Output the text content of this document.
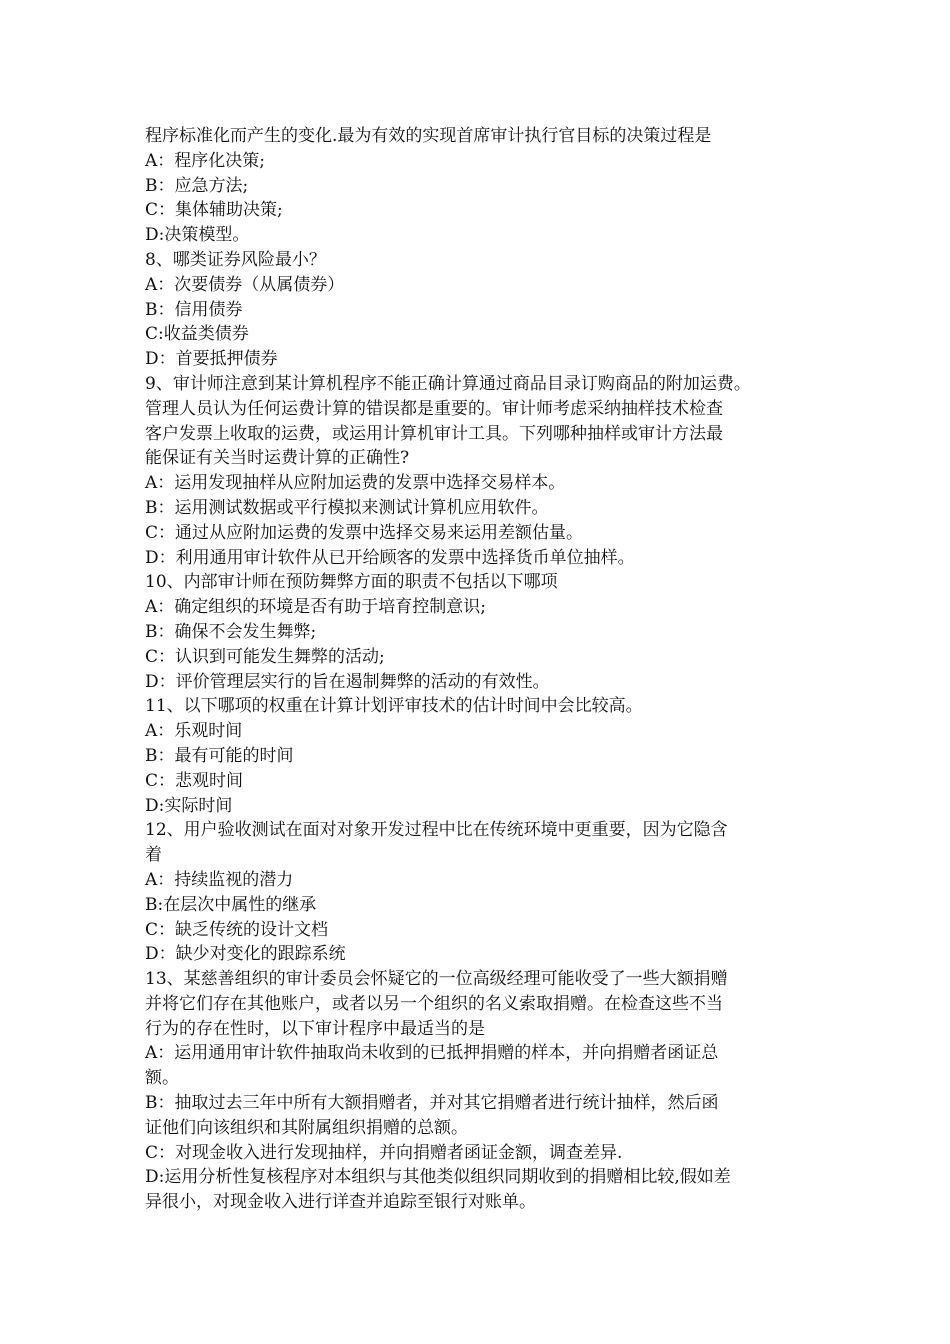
程序标准化而产生的变化.最为有效的实现首席审计执行官目标的决策过程是
A：程序化决策;
B：应急方法;
C：集体辅助决策;
D:决策模型。
8、哪类证券风险最小？
A：次要债券（从属债券）
B：信用债券
C:收益类债券
D：首要抵押债券
9、审计师注意到某计算机程序不能正确计算通过商品目录订购商品的附加运费。
管理人员认为任何运费计算的错误都是重要的。审计师考虑采纳抽样技术检查
客户发票上收取的运费，或运用计算机审计工具。下列哪种抽样或审计方法最
能保证有关当时运费计算的正确性?
A：运用发现抽样从应附加运费的发票中选择交易样本。
B：运用测试数据或平行模拟来测试计算机应用软件。
C：通过从应附加运费的发票中选择交易来运用差额估量。
D：利用通用审计软件从已开给顾客的发票中选择货币单位抽样。
10、内部审计师在预防舞弊方面的职责不包括以下哪项
A：确定组织的环境是否有助于培育控制意识;
B：确保不会发生舞弊;
C：认识到可能发生舞弊的活动;
D：评价管理层实行的旨在遏制舞弊的活动的有效性。
11、以下哪项的权重在计算计划评审技术的估计时间中会比较高。
A：乐观时间
B：最有可能的时间
C：悲观时间
D:实际时间
12、用户验收测试在面对对象开发过程中比在传统环境中更重要，因为它隐含
着
A：持续监视的潜力
B:在层次中属性的继承
C：缺乏传统的设计文档
D：缺少对变化的跟踪系统
13、某慈善组织的审计委员会怀疑它的一位高级经理可能收受了一些大额捐赠
并将它们存在其他账户，或者以另一个组织的名义索取捐赠。在检查这些不当
行为的存在性时，以下审计程序中最适当的是
A：运用通用审计软件抽取尚未收到的已抵押捐赠的样本，并向捐赠者函证总
额。
B：抽取过去三年中所有大额捐赠者，并对其它捐赠者进行统计抽样，然后函
证他们向该组织和其附属组织捐赠的总额。
C：对现金收入进行发现抽样，并向捐赠者函证金额，调查差异.
D:运用分析性复核程序对本组织与其他类似组织同期收到的捐赠相比较,假如差
异很小，对现金收入进行详查并追踪至银行对账单。
